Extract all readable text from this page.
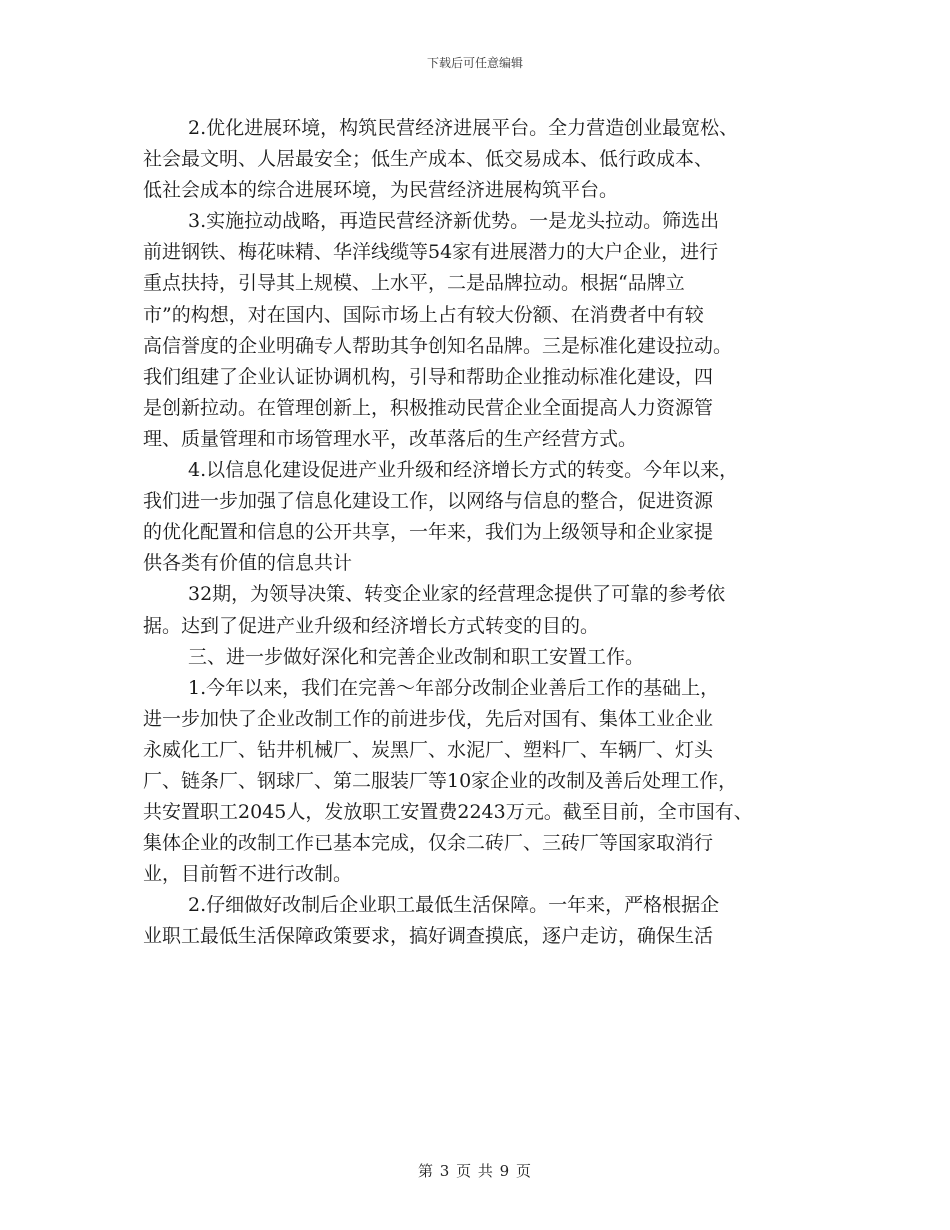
下载后可任意编辑

2.优化进展环境，构筑民营经济进展平台。全力营造创业最宽松、
社会最文明、人居最安全；低生产成本、低交易成本、低行政成本、
低社会成本的综合进展环境，为民营经济进展构筑平台。

3.实施拉动战略，再造民营经济新优势。一是龙头拉动。筛选出
前进钢铁、梅花味精、华洋线缆等54家有进展潜力的大户企业，进行
重点扶持，引导其上规模、上水平，二是品牌拉动。根据“品牌立
市”的构想，对在国内、国际市场上占有较大份额、在消费者中有较
高信誉度的企业明确专人帮助其争创知名品牌。三是标准化建设拉动。
我们组建了企业认证协调机构，引导和帮助企业推动标准化建设，四
是创新拉动。在管理创新上，积极推动民营企业全面提高人力资源管
理、质量管理和市场管理水平，改革落后的生产经营方式。

4.以信息化建设促进产业升级和经济增长方式的转变。今年以来，
我们进一步加强了信息化建设工作，以网络与信息的整合，促进资源
的优化配置和信息的公开共享，一年来，我们为上级领导和企业家提
供各类有价值的信息共计

32期，为领导决策、转变企业家的经营理念提供了可靠的参考依
据。达到了促进产业升级和经济增长方式转变的目的。

三、进一步做好深化和完善企业改制和职工安置工作。

1.今年以来，我们在完善～年部分改制企业善后工作的基础上，
进一步加快了企业改制工作的前进步伐，先后对国有、集体工业企业
永威化工厂、钻井机械厂、炭黑厂、水泥厂、塑料厂、车辆厂、灯头
厂、链条厂、钢球厂、第二服装厂等10家企业的改制及善后处理工作，
共安置职工2045人，发放职工安置费2243万元。截至目前，全市国有、
集体企业的改制工作已基本完成，仅余二砖厂、三砖厂等国家取消行
业，目前暂不进行改制。

2.仔细做好改制后企业职工最低生活保障。一年来，严格根据企
业职工最低生活保障政策要求，搞好调查摸底，逐户走访，确保生活

第 3 页 共 9 页
